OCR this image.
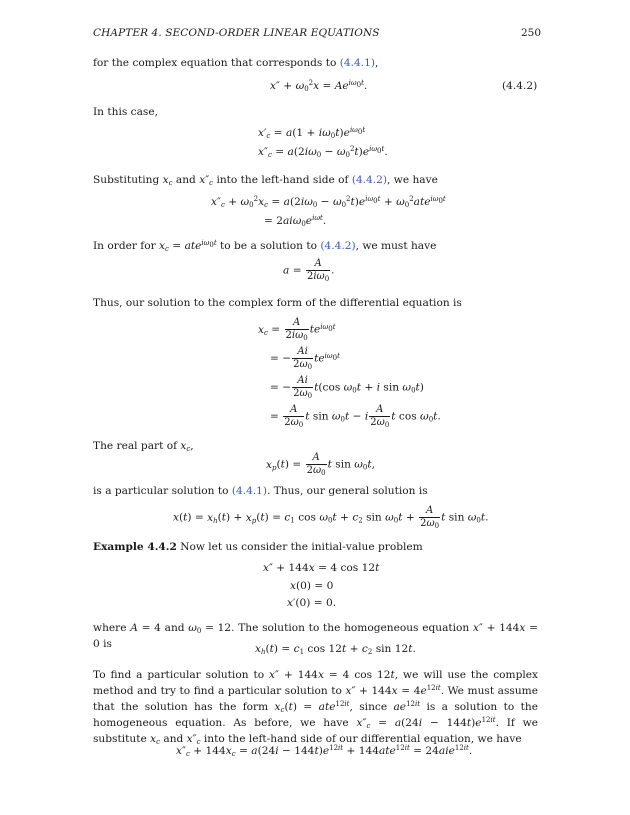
CHAPTER 4. SECOND-ORDER LINEAR EQUATIONS	250
for the complex equation that corresponds to (4.4.1),
$x'' + \omega_0^2x = Ae^{i\omega_0t}$.	(4.4.2)
In this case,
$x'_c = a(1 + i\omega_0t)e^{i\omega_0t}$
$x''_c = a(2i\omega_0 - \omega_0^2t)e^{i\omega_0t}$.
Substituting $x_c$ and $x''_c$ into the left-hand side of (4.4.2), we have
$x''_c + \omega_0^2x_c = a(2i\omega_0 - \omega_0^2t)e^{i\omega_0t} + \omega_0^2ate^{i\omega_0t}$
= $2ai\omega_0e^{i\omega t}$.
In order for $x_c = ate^{i\omega_0t}$ to be a solution to (4.4.2), we must have
$a = \frac{A}{2i\omega_0}$ .
Thus, our solution to the complex form of the differential equation is
$x_c = \frac{A}{2i\omega_0} te^{i\omega_0t}$
= − $\frac{Ai}{2\omega_0} te^{i\omega_0t}$
= − $\frac{Ai}{2\omega_0} t(\cos$ $\omega_0t + i$ $\sin \omega_0t$)
= $\frac{A}{2\omega_0}$ t $\sin \omega_0t - i \frac{A}{2\omega_0}$ t $\cos \omega_0t$.
The real part of $x_c$,
$x_p(t) = \frac{A}{2\omega_0}$ t $\sin \omega_0t$,
is a particular solution to (4.4.1). Thus, our general solution is
$x(t) = x_h(t) + x_p(t) = c_1$ $\cos \omega_0t + c_2$ $\sin \omega_0t + \frac{A}{2\omega_0}$ t $\sin \omega_0t$.
Example 4.4.2 Now let us consider the initial-value problem
x″ + 144x = 4 cos 12t
x(0) = 0
x′(0) = 0.
where A = 4 and $\omega_0 = 12$. The solution to the homogeneous equation x″ + 144x = 0 is	$x_h(t) = c_1$ $\cos 12t + c_2$ sin 12t.
To find a particular solution to x″ + 144x = 4 cos 12t, we will use the complex method and try to find a particular solution to $x'' + 144x = 4e^{12it}$. We must assume that the solution has the form $x_c(t) = ate^{12it}$, since $ae^{12it}$ is a solution to the homogeneous equation. As before, we have $x''_c = a(24i - 144t)e^{12it}$. If we substitute $x_c$ and $x''_c$ into the left-hand side of our differential equation, we have
$x''_c + 144x_c = a(24i - 144t)e^{12it} + 144ate^{12it} = 24aie^{12it}$.
